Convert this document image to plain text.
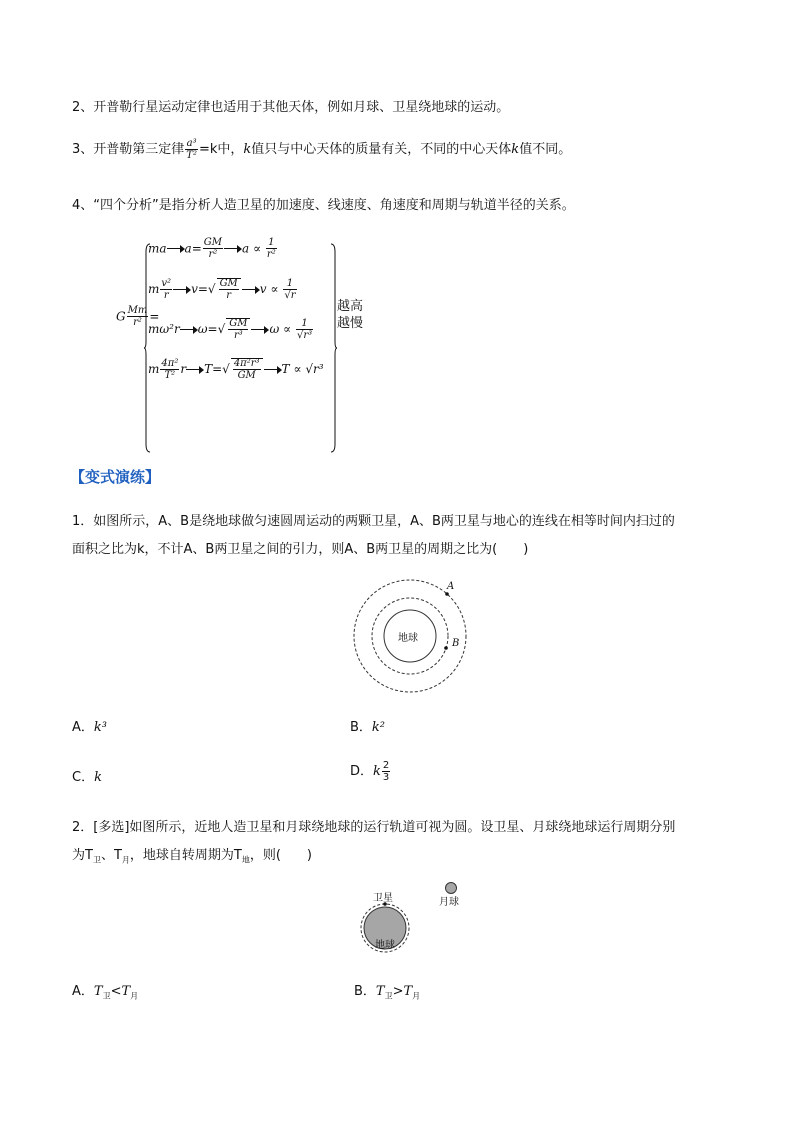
2、开普勒行星运动定律也适用于其他天体，例如月球、卫星绕地球的运动。
3、开普勒第三定律 $\frac{\text{a³}}{\text{T²}} =k$中，k值只与中心天体的质量有关，不同的中心天体k值不同。
4、“四个分析”是指分析人造卫星的加速度、线速度、角速度和周期与轨道半径的关系。
G $\frac{Mm}{\text{r²}}$ =
ma $a= \frac{GM}{\text{r²}}$ $a \propto \frac{1}{\text{r²}}$
m $\frac{\text{v²}}{r} v=√ \frac{GM}{r}$ $v \propto \frac{1}{√r}$
mω²r $\omega=√ \frac{GM}{\text{r³}}$ $\omega \propto \frac{1}{\text{√r³}}$
m $\frac{\text{4π²}}{\text{T²}}$ r $T=√ \frac{\text{4π²r³}}{GM}$ T ∝ √r³
越高
越慢
【变式演练】
1．如图所示，A、B是绕地球做匀速圆周运动的两颗卫星，A、B两卫星与地心的连线在相等时间内扫过的
面积之比为k，不计A、B两卫星之间的引力，则A、B两卫星的周期之比为(　　)
地球
A
B
A．k³	B．k²
C．k	D．k $\frac{2}{3}$
2．[多选]如图所示，近地人造卫星和月球绕地球的运行轨道可视为圆。设卫星、月球绕地球运行周期分别
为$T_卫$、$T_月$，地球自转周期为$T_地$，则(　　)
卫星	月球
地球
A．$T_卫<T_月$	B．$T_卫>T_月$
